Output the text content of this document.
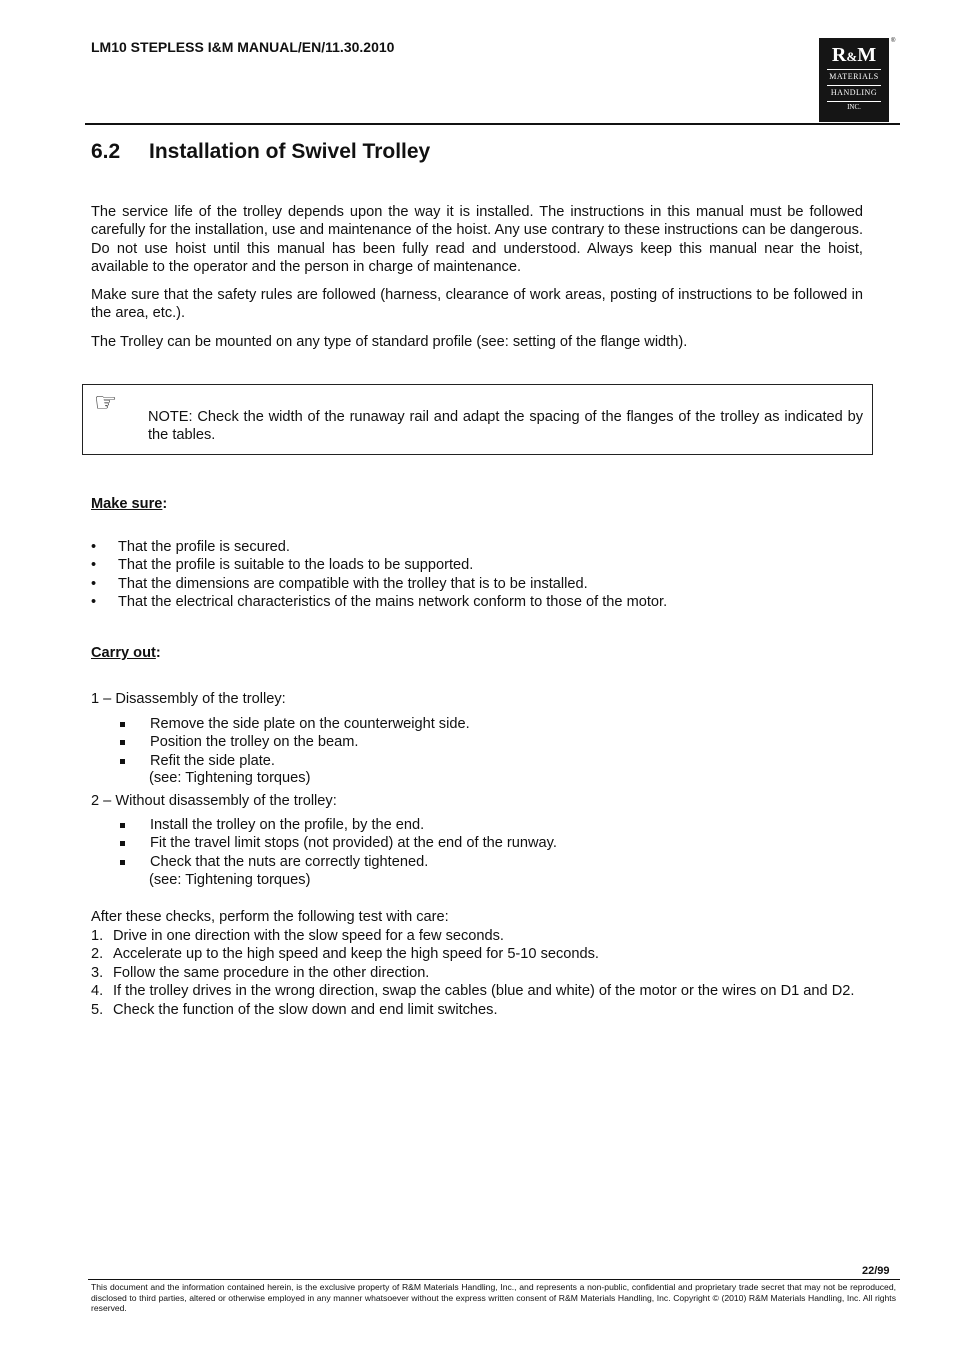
LM10 STEPLESS I&M MANUAL/EN/11.30.2010	R&M
MATERIALS
HANDLING
INC.
®
6.2 Installation of Swivel Trolley
The service life of the trolley depends upon the way it is installed. The instructions in this manual must be followed carefully for the installation, use and maintenance of the hoist. Any use contrary to these instructions can be dangerous. Do not use hoist until this manual has been fully read and understood. Always keep this manual near the hoist, available to the operator and the person in charge of maintenance.
Make sure that the safety rules are followed (harness, clearance of work areas, posting of instructions to be followed in the area, etc.).
The Trolley can be mounted on any type of standard profile (see: setting of the flange width).
☞ NOTE: Check the width of the runaway rail and adapt the spacing of the flanges of the trolley as indicated by the tables.
Make sure:
• That the profile is secured.
• That the profile is suitable to the loads to be supported.
• That the dimensions are compatible with the trolley that is to be installed.
• That the electrical characteristics of the mains network conform to those of the motor.
Carry out:
1 – Disassembly of the trolley:
Remove the side plate on the counterweight side.
Position the trolley on the beam.
Refit the side plate.
(see: Tightening torques)
2 – Without disassembly of the trolley:
Install the trolley on the profile, by the end.
Fit the travel limit stops (not provided) at the end of the runway.
Check that the nuts are correctly tightened.
(see: Tightening torques)
After these checks, perform the following test with care:
1. Drive in one direction with the slow speed for a few seconds.
2. Accelerate up to the high speed and keep the high speed for 5-10 seconds.
3. Follow the same procedure in the other direction.
4. If the trolley drives in the wrong direction, swap the cables (blue and white) of the motor or the wires on D1 and D2.
5. Check the function of the slow down and end limit switches.
22/99
This document and the information contained herein, is the exclusive property of R&M Materials Handling, Inc., and represents a non-public, confidential and proprietary trade secret that may not be reproduced, disclosed to third parties, altered or otherwise employed in any manner whatsoever without the express written consent of R&M Materials Handling, Inc. Copyright © (2010) R&M Materials Handling, Inc. All rights reserved.
